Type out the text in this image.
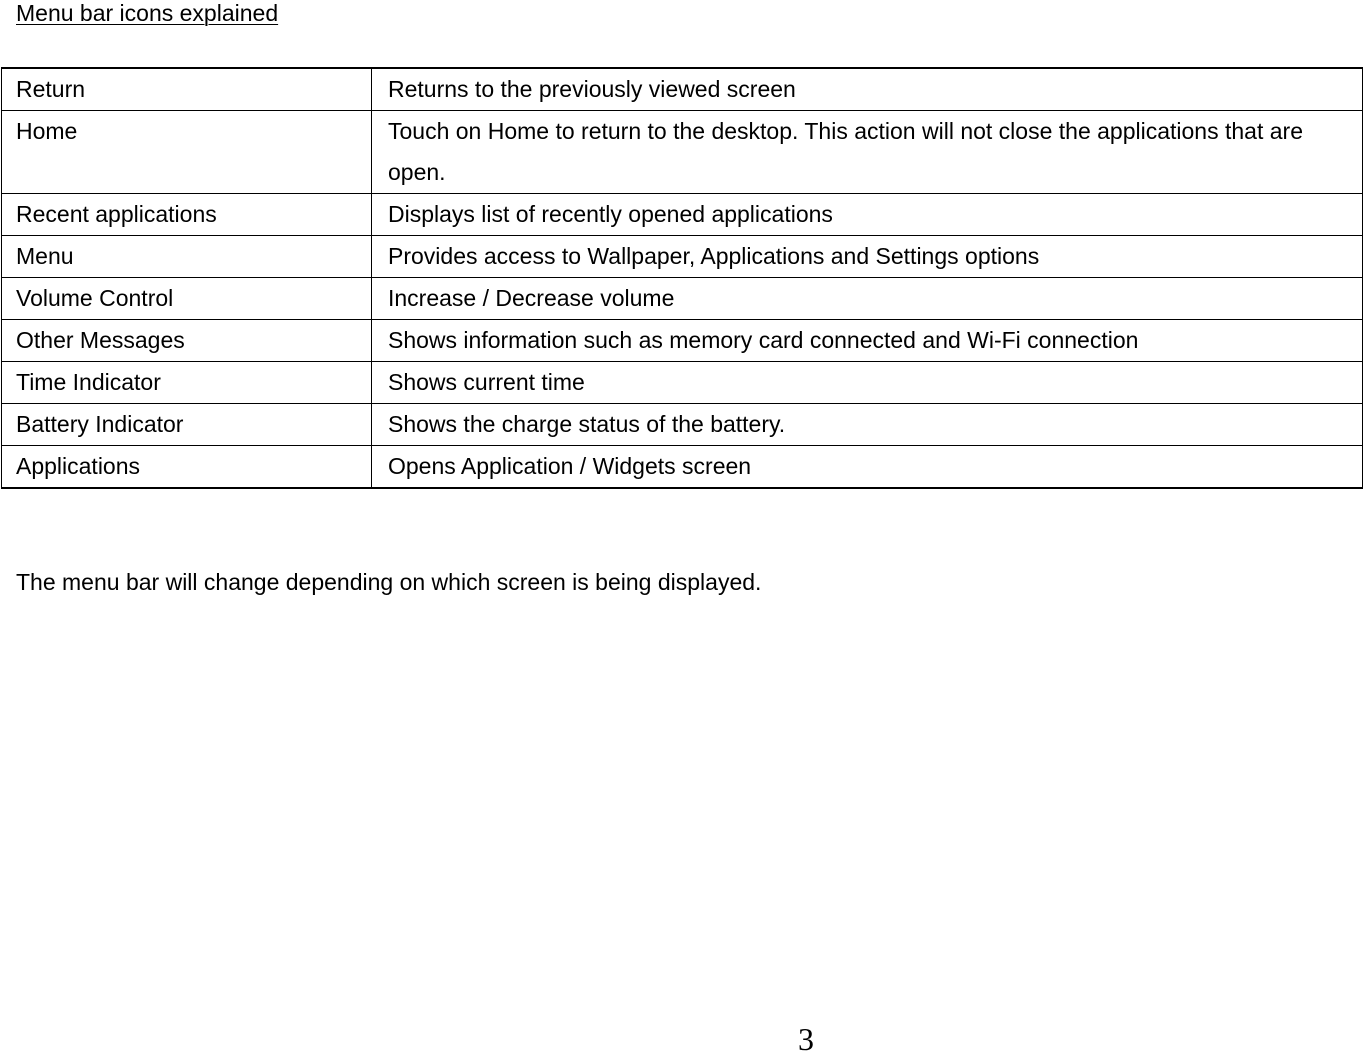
Menu bar icons explained
Return	Returns to the previously viewed screen
Home	Touch on Home to return to the desktop. This action will not close the applications that are open.
Recent applications	Displays list of recently opened applications
Menu	Provides access to Wallpaper, Applications and Settings options
Volume Control	Increase / Decrease volume
Other Messages	Shows information such as memory card connected and Wi-Fi connection
Time Indicator	Shows current time
Battery Indicator	Shows the charge status of the battery.
Applications	Opens Application / Widgets screen
The menu bar will change depending on which screen is being displayed.
3
